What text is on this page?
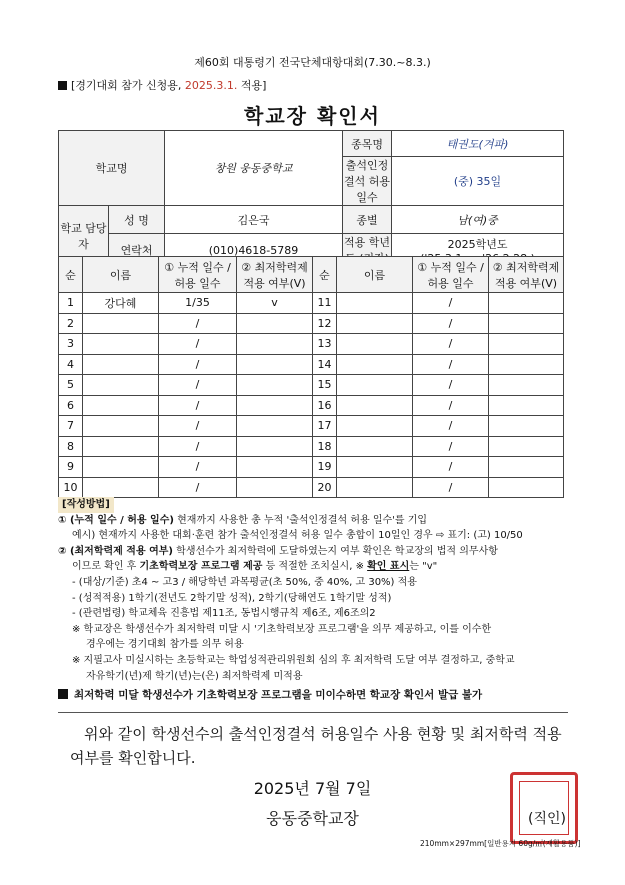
제60회 대통령기 전국단체대항대회(7.30.~8.3.)
[경기대회 참가 신청용, 2025.3.1. 적용]
학교장 확인서
학교명		창원 웅동중학교	종목명	태권도(겨파)
			출석인정결석 허용 일수	(중) 35일
학교 담당자	성 명	김은국	종별	남(여)중
	연락처	(010)4618-5789	적용 학년	2025학년도
순	이름	① 누적 일수 / 허용 일수	② 최저학력제 적용 여부(V)	순	이름	① 누적 일수 / 허용 일수	② 최저학력제 적용 여부(V)
1	강다혜	1/35	v	11		/	
2		/		12		/	
3		/		13		/	
4		/		14		/	
5		/		15		/	
6		/		16		/	
7		/		17		/	
8		/		18		/	
9		/		19		/	
10		/		20		/	
[작성방법]
① (누적 일수 / 허용 일수) 현재까지 사용한 총 누적 '출석인정결석 허용 일수'를 기입
예시) 현재까지 사용한 대회·훈련 참가 출석인정결석 허용 일수 총합이 10일인 경우 ⇨ 표기: (고) 10/50
② (최저학력제 적용 여부) 학생선수가 최저학력에 도달하였는지 여부 확인은 학교장의 법적 의무사항
이므로 확인 후 기초학력보장 프로그램 제공 등 적절한 조치실시, ※ 확인 표시는 "v"
- (대상/기준) 초4 ~ 고3 / 해당학년 과목평균(초 50%, 중 40%, 고 30%) 적용
- (성적적용) 1학기(전년도 2학기말 성적), 2학기(당해연도 1학기말 성적)
- (관련법령) 학교체육 진흥법 제11조, 동법시행규칙 제6조, 제6조의2
※ 학교장은 학생선수가 최저학력 미달 시 '기초학력보장 프로그램'을 의무 제공하고, 이를 이수한
경우에는 경기대회 참가를 의무 허용
※ 지필고사 미실시하는 초등학교는 학업성적관리위원회 심의 후 최저학력 도달 여부 결정하고, 중학교
자유학기(년)제 학기(년)는(은) 최저학력제 미적용
최저학력 미달 학생선수가 기초학력보장 프로그램을 미이수하면 학교장 확인서 발급 불가
위와 같이 학생선수의 출석인정결석 허용일수 사용 현황 및 최저학력 적용 여부를 확인합니다.
2025년 7월 7일
웅동중학교장	(직인)
210mm×297mm[일반용지 60g/㎡(재활용품)]
